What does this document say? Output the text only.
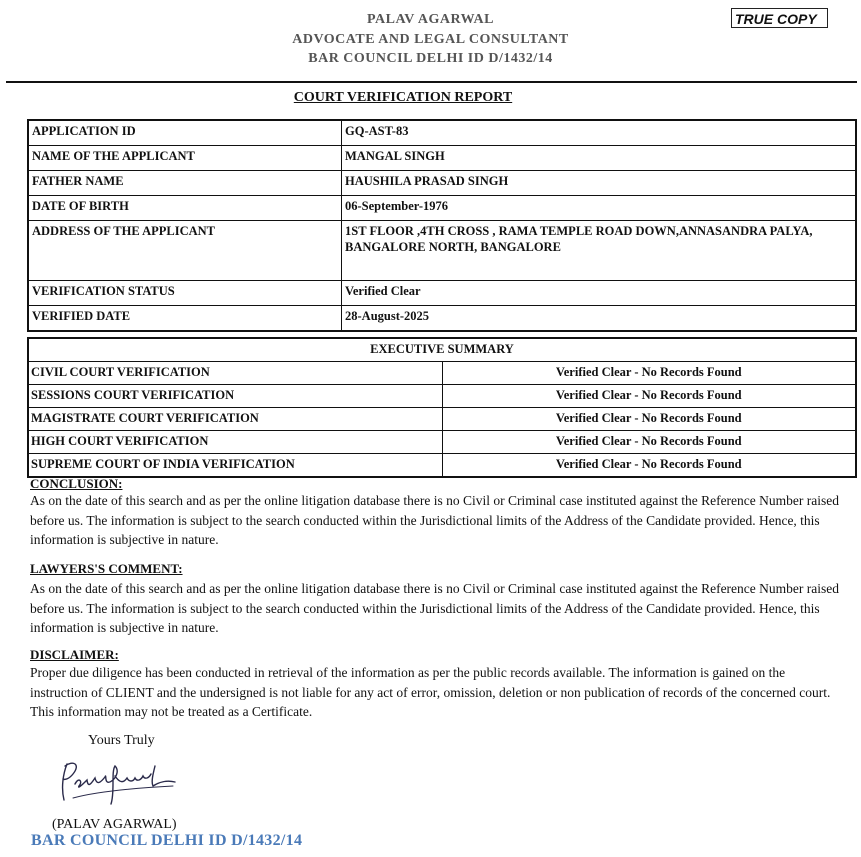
PALAV AGARWAL
ADVOCATE AND LEGAL CONSULTANT
BAR COUNCIL DELHI ID D/1432/14
TRUE COPY
COURT VERIFICATION REPORT
APPLICATION ID	GQ-AST-83
NAME OF THE APPLICANT	MANGAL SINGH
FATHER NAME	HAUSHILA PRASAD SINGH
DATE OF BIRTH	06-September-1976
ADDRESS OF THE APPLICANT	1ST FLOOR ,4TH CROSS , RAMA TEMPLE ROAD DOWN,ANNASANDRA PALYA, BANGALORE NORTH, BANGALORE
VERIFICATION STATUS	Verified Clear
VERIFIED DATE	28-August-2025
EXECUTIVE SUMMARY	
CIVIL COURT VERIFICATION	Verified Clear - No Records Found
SESSIONS COURT VERIFICATION	Verified Clear - No Records Found
MAGISTRATE COURT VERIFICATION	Verified Clear - No Records Found
HIGH COURT VERIFICATION	Verified Clear - No Records Found
SUPREME COURT OF INDIA VERIFICATION	Verified Clear - No Records Found
CONCLUSION:
As on the date of this search and as per the online litigation database there is no Civil or Criminal case instituted against the Reference Number raised before us. The information is subject to the search conducted within the Jurisdictional limits of the Address of the Candidate provided. Hence, this information is subjective in nature.
LAWYERS'S COMMENT:
As on the date of this search and as per the online litigation database there is no Civil or Criminal case instituted against the Reference Number raised before us. The information is subject to the search conducted within the Jurisdictional limits of the Address of the Candidate provided. Hence, this information is subjective in nature.
DISCLAIMER:
Proper due diligence has been conducted in retrieval of the information as per the public records available. The information is gained on the instruction of CLIENT and the undersigned is not liable for any act of error, omission, deletion or non publication of records of the concerned court. This information may not be treated as a Certificate.
Yours Truly
(PALAV AGARWAL)
BAR COUNCIL DELHI ID D/1432/14
